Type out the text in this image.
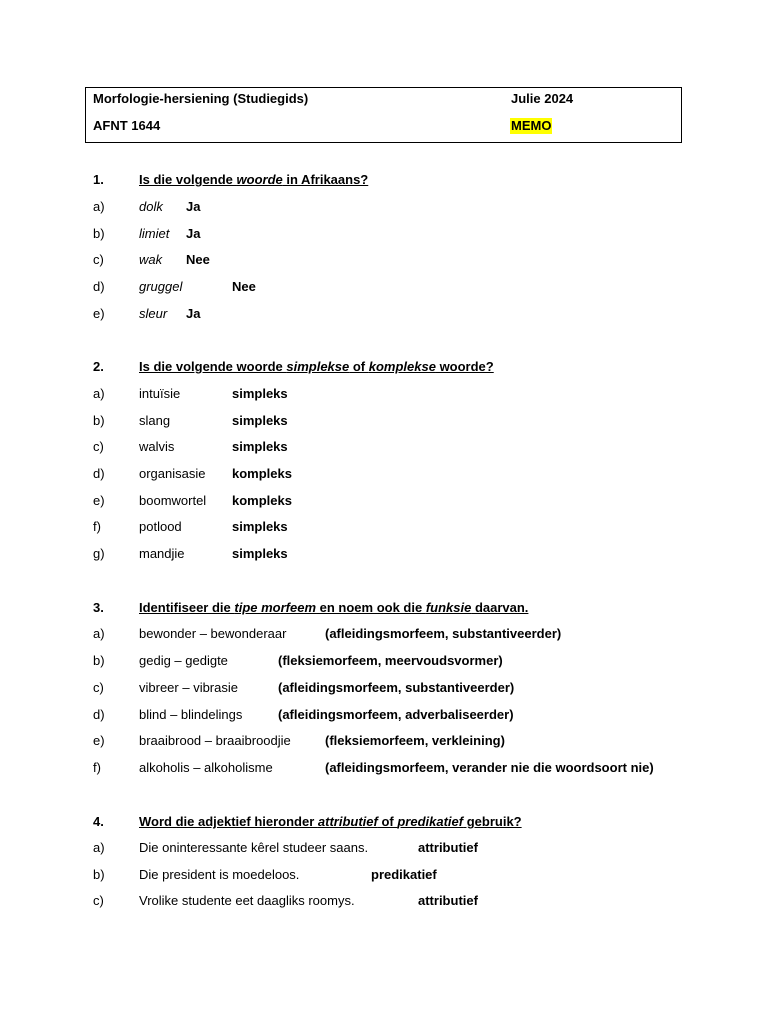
Morfologie-hersiening (Studiegids)	Julie 2024
AFNT 1644	MEMO
1.	Is die volgende woorde in Afrikaans?
a)	dolk Ja
b)	limiet Ja
c)	wak Nee
d)	gruggel	Nee
e)	sleur Ja
2.	Is die volgende woorde simplekse of komplekse woorde?
a)	intuïsie	simpleks
b)	slang	simpleks
c)	walvis	simpleks
d)	organisasie kompleks
e)	boomwortel kompleks
f)	potlood	simpleks
g)	mandjie	simpleks
3.	Identifiseer die tipe morfeem en noem ook die funksie daarvan.
a)	bewonder – bewonderaar	(afleidingsmorfeem, substantiveerder)
b)	gedig – gedigte	(fleksiemorfeem, meervoudsvormer)
c)	vibreer – vibrasie	(afleidingsmorfeem, substantiveerder)
d)	blind – blindelings	(afleidingsmorfeem, adverbaliseerder)
e)	braaibrood – braaibroodjie	(fleksiemorfeem, verkleining)
f)	alkoholis – alkoholisme	(afleidingsmorfeem, verander nie die woordsoort nie)
4.	Word die adjektief hieronder attributief of predikatief gebruik?
a)	Die oninteressante kêrel studeer saans.	attributief
b)	Die president is moedeloos.	predikatief
c)	Vrolike studente eet daagliks roomys.	attributief
